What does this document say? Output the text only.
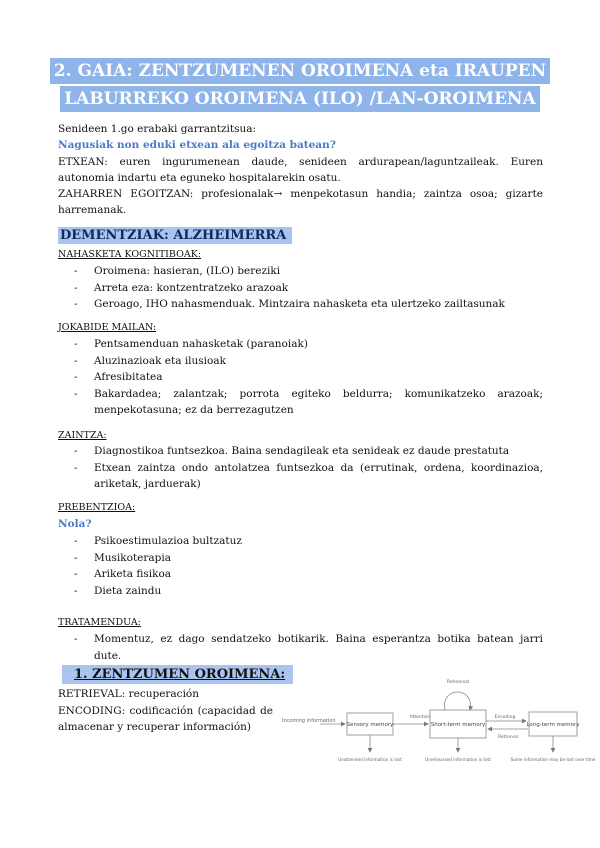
2. GAIA: ZENTZUMENEN OROIMENA eta IRAUPEN
LABURREKO OROIMENA (ILO) /LAN-OROIMENA
Senideen 1.go erabaki garrantzitsua:
Nagusiak non eduki etxean ala egoitza batean?
ETXEAN: euren ingurumenean daude, senideen ardurapean/laguntzaileak. Euren autonomia indartu eta eguneko hospitalarekin osatu.
ZAHARREN EGOITZAN: profesionalak→ menpekotasun handia; zaintza osoa; gizarte harremanak.
DEMENTZIAK: ALZHEIMERRA
NAHASKETA KOGNITIBOAK:
- Oroimena: hasieran, (ILO) bereziki
- Arreta eza: kontzentratzeko arazoak
- Geroago, IHO nahasmenduak. Mintzaira nahasketa eta ulertzeko zailtasunak
JOKABIDE MAILAN:
- Pentsamenduan nahasketak (paranoiak)
- Aluzinazioak eta ilusioak
- Afresibitatea
- Bakardadea; zalantzak; porrota egiteko beldurra; komunikatzeko arazoak; menpekotasuna; ez da berrezagutzen
ZAINTZA:
- Diagnostikoa funtsezkoa. Baina sendagileak eta senideak ez daude prestatuta
- Etxean zaintza ondo antolatzea funtsezkoa da (errutinak, ordena, koordinazioa, ariketak, jarduerak)
PREBENTZIOA:
Nola?
- Psikoestimulazioa bultzatuz
- Musikoterapia
- Ariketa fisikoa
- Dieta zaindu
TRATAMENDUA:
- Momentuz, ez dago sendatzeko botikarik. Baina esperantza botika batean jarri dute.
1. ZENTZUMEN OROIMENA:
RETRIEVAL: recuperación
ENCODING: codificación (capacidad de almacenar y recuperar información)	Incoming information
Sensory memory
Attention
Short-term memory
Rehearsal
Encoding
Retrieval
Long-term memory
Unattended information is lost	Unrehearsed information is lost	Some information may be lost over time
